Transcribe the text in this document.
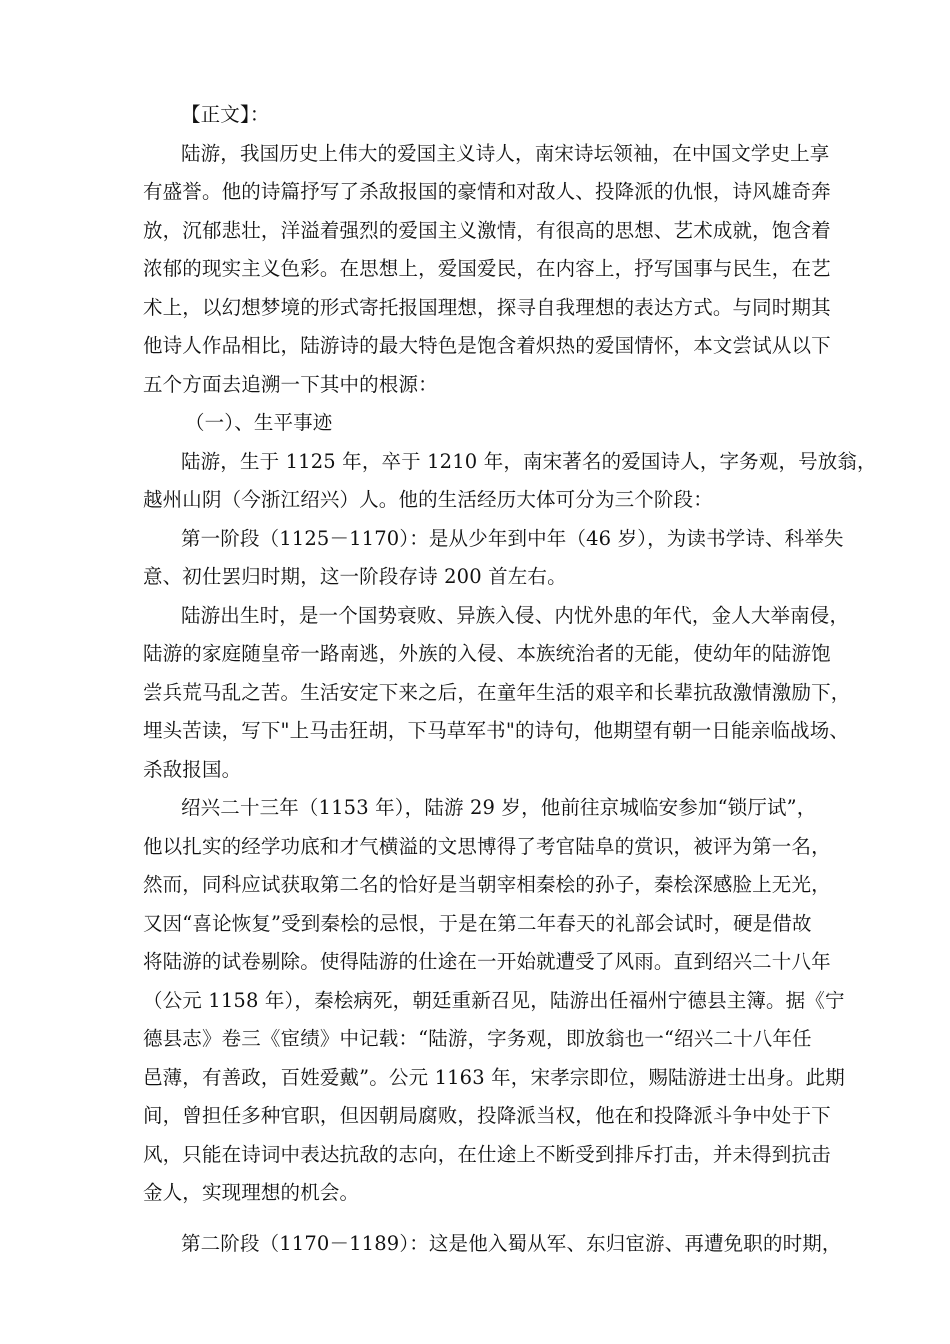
【正文】：
陆游，我国历史上伟大的爱国主义诗人，南宋诗坛领袖，在中国文学史上享
有盛誉。他的诗篇抒写了杀敌报国的豪情和对敌人、投降派的仇恨，诗风雄奇奔
放，沉郁悲壮，洋溢着强烈的爱国主义激情，有很高的思想、艺术成就，饱含着
浓郁的现实主义色彩。在思想上，爱国爱民，在内容上，抒写国事与民生，在艺
术上，以幻想梦境的形式寄托报国理想，探寻自我理想的表达方式。与同时期其
他诗人作品相比，陆游诗的最大特色是饱含着炽热的爱国情怀，本文尝试从以下
五个方面去追溯一下其中的根源：
（一）、生平事迹
陆游，生于 1125 年，卒于 1210 年，南宋著名的爱国诗人，字务观，号放翁，
越州山阴（今浙江绍兴）人。他的生活经历大体可分为三个阶段：
第一阶段（1125－1170）：是从少年到中年（46 岁），为读书学诗、科举失
意、初仕罢归时期，这一阶段存诗 200 首左右。
陆游出生时，是一个国势衰败、异族入侵、内忧外患的年代，金人大举南侵，
陆游的家庭随皇帝一路南逃，外族的入侵、本族统治者的无能，使幼年的陆游饱
尝兵荒马乱之苦。生活安定下来之后，在童年生活的艰辛和长辈抗敌激情激励下，
埋头苦读，写下"上马击狂胡，下马草军书"的诗句，他期望有朝一日能亲临战场、
杀敌报国。
绍兴二十三年（1153 年），陆游 29 岁，他前往京城临安参加“锁厅试”，
他以扎实的经学功底和才气横溢的文思博得了考官陆阜的赏识，被评为第一名，
然而，同科应试获取第二名的恰好是当朝宰相秦桧的孙子，秦桧深感脸上无光，
又因“喜论恢复”受到秦桧的忌恨，于是在第二年春天的礼部会试时，硬是借故
将陆游的试卷剔除。使得陆游的仕途在一开始就遭受了风雨。直到绍兴二十八年
（公元 1158 年），秦桧病死，朝廷重新召见，陆游出任福州宁德县主簿。据《宁
德县志》卷三《宦绩》中记载：“陆游，字务观，即放翁也一“绍兴二十八年任
邑薄，有善政，百姓爱戴”。公元 1163 年，宋孝宗即位，赐陆游进士出身。此期
间，曾担任多种官职，但因朝局腐败，投降派当权，他在和投降派斗争中处于下
风，只能在诗词中表达抗敌的志向，在仕途上不断受到排斥打击，并未得到抗击
金人，实现理想的机会。
第二阶段（1170－1189）：这是他入蜀从军、东归宦游、再遭免职的时期，
